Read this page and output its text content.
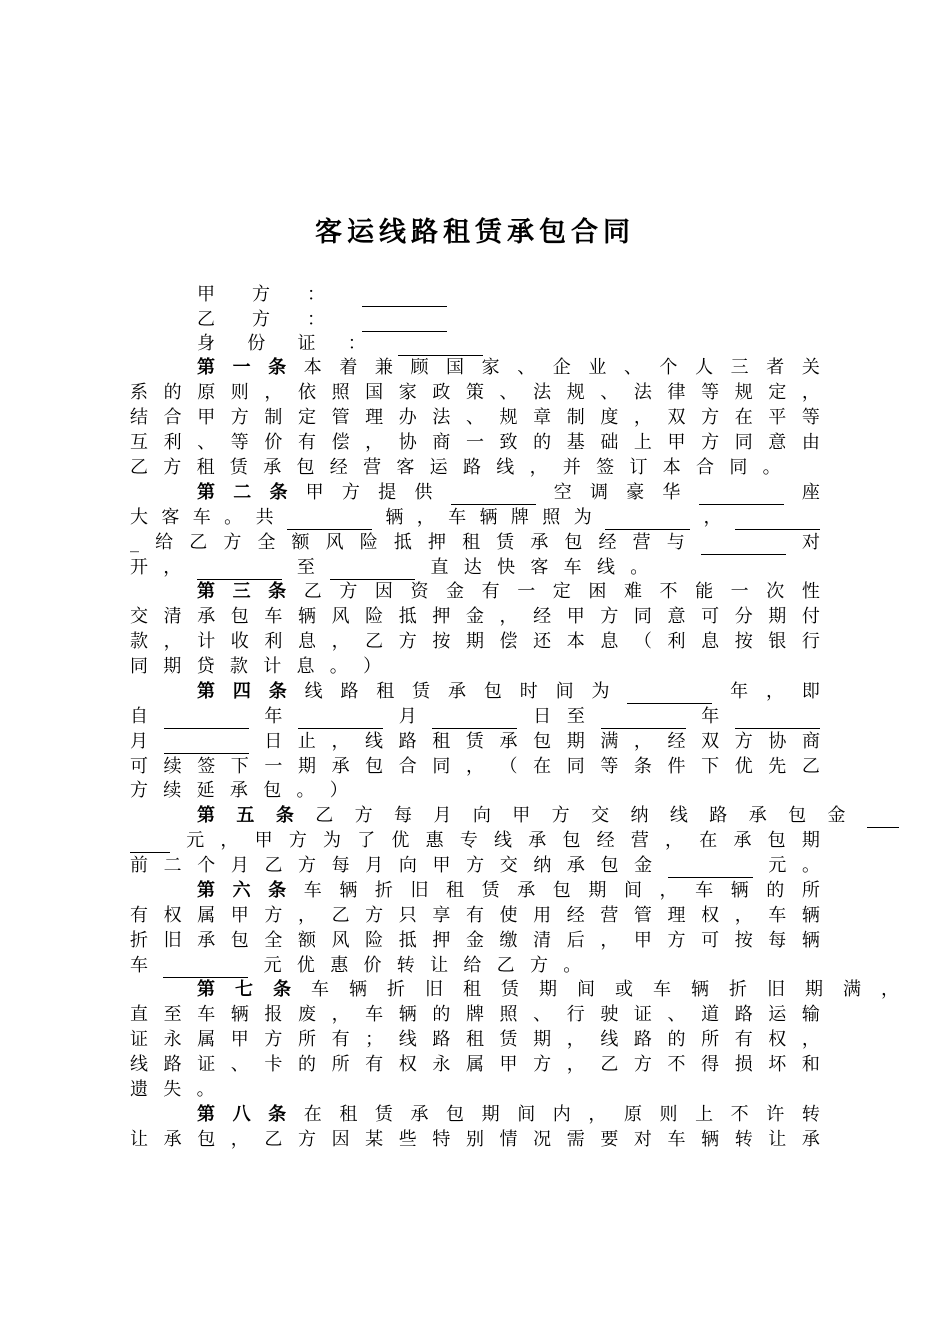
客运线路租赁承包合同
甲 方 ：
乙 方 ：
身 份 证 ：
第 一 条 本 着 兼 顾 国 家 、 企 业 、 个 人 三 者 关
系 的 原 则 ， 依 照 国 家 政 策 、 法 规 、 法 律 等 规 定 ，
结 合 甲 方 制 定 管 理 办 法 、 规 章 制 度 ， 双 方 在 平 等
互 利 、 等 价 有 偿 ， 协 商 一 致 的 基 础 上 甲 方 同 意 由
乙 方 租 赁 承 包 经 营 客 运 路 线 ， 并 签 订 本 合 同 。
第 二 条 甲 方 提 供	空 调 豪 华	座
大 客 车 。 共	辆 ， 车 辆 牌 照 为	，
_ 给 乙 方 全 额 风 险 抵 押 租 赁 承 包 经 营 与	对
开 ，	至	直 达 快 客 车 线 。
第 三 条 乙 方 因 资 金 有 一 定 困 难 不 能 一 次 性
交 清 承 包 车 辆 风 险 抵 押 金 ， 经 甲 方 同 意 可 分 期 付
款 ， 计 收 利 息 ， 乙 方 按 期 偿 还 本 息 （ 利 息 按 银 行
同 期 贷 款 计 息 。 ）
第 四 条 线 路 租 赁 承 包 时 间 为	年 ， 即
自	年	月	日 至	年
月	日 止 ， 线 路 租 赁 承 包 期 满 ， 经 双 方 协 商
可 续 签 下 一 期 承 包 合 同 ， （ 在 同 等 条 件 下 优 先 乙
方 续 延 承 包 。 ）
第 五 条 乙 方 每 月 向 甲 方 交 纳 线 路 承 包 金
元 ， 甲 方 为 了 优 惠 专 线 承 包 经 营 ， 在 承 包 期
前 二 个 月 乙 方 每 月 向 甲 方 交 纳 承 包 金	元 。
第 六 条 车 辆 折 旧 租 赁 承 包 期 间 ， 车 辆 的 所
有 权 属 甲 方 ， 乙 方 只 享 有 使 用 经 营 管 理 权 ， 车 辆
折 旧 承 包 全 额 风 险 抵 押 金 缴 清 后 ， 甲 方 可 按 每 辆
车	元 优 惠 价 转 让 给 乙 方 。
第 七 条 车 辆 折 旧 租 赁 期 间 或 车 辆 折 旧 期 满 ，
直 至 车 辆 报 废 ， 车 辆 的 牌 照 、 行 驶 证 、 道 路 运 输
证 永 属 甲 方 所 有 ； 线 路 租 赁 期 ， 线 路 的 所 有 权 ，
线 路 证 、 卡 的 所 有 权 永 属 甲 方 ， 乙 方 不 得 损 坏 和
遗 失 。
第 八 条 在 租 赁 承 包 期 间 内 ， 原 则 上 不 许 转
让 承 包 ， 乙 方 因 某 些 特 别 情 况 需 要 对 车 辆 转 让 承
